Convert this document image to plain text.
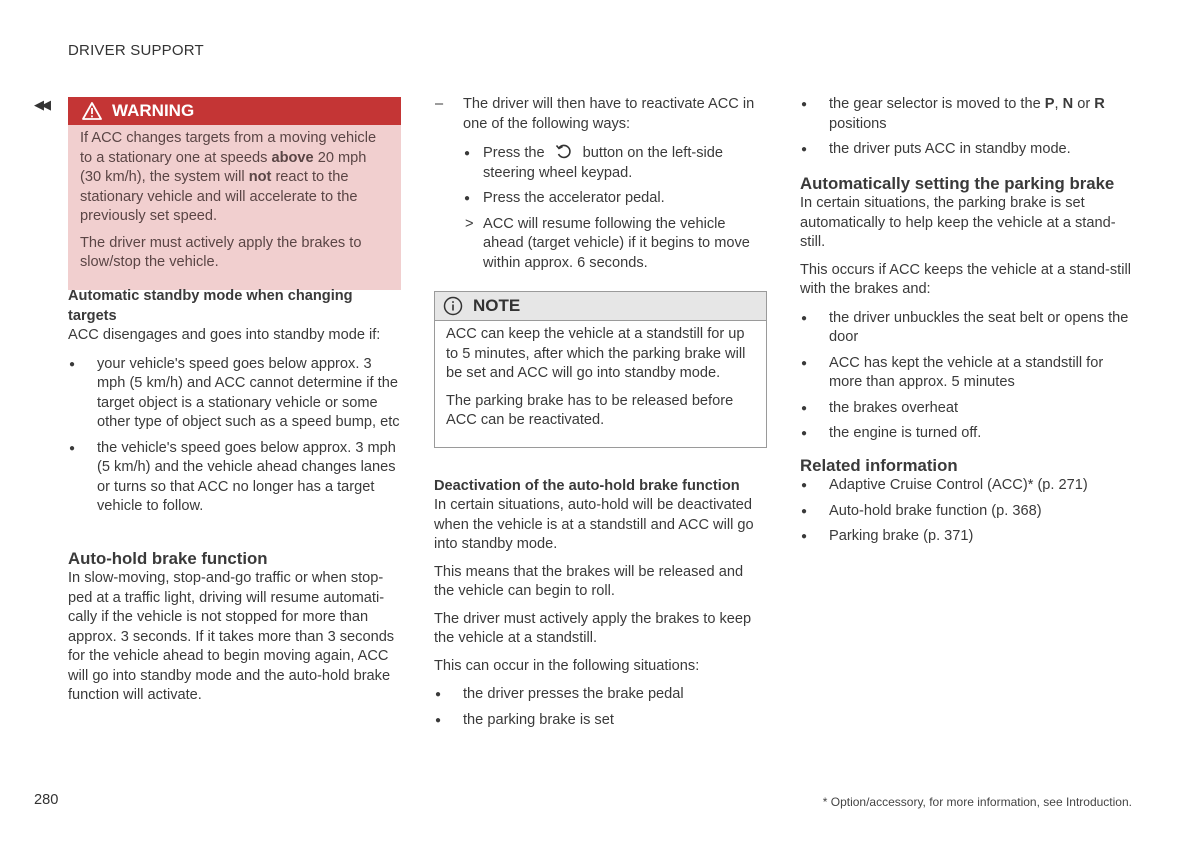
DRIVER SUPPORT
◀◀	WARNING

If ACC changes targets from a moving vehicle to a stationary one at speeds above 20 mph (30 km/h), the system will not react to the stationary vehicle and will accelerate to the previously set speed.

The driver must actively apply the brakes to slow/stop the vehicle.

Automatic standby mode when changing targets

ACC disengages and goes into standby mode if:

● your vehicle's speed goes below approx. 3 mph (5 km/h) and ACC cannot determine if the target object is a stationary vehicle or some other type of object such as a speed bump, etc
● the vehicle's speed goes below approx. 3 mph (5 km/h) and the vehicle ahead changes lanes or turns so that ACC no longer has a target vehicle to follow.
Auto-hold brake function

In slow-moving, stop-and-go traffic or when stop-ped at a traffic light, driving will resume automati-cally if the vehicle is not stopped for more than approx. 3 seconds. If it takes more than 3 seconds for the vehicle ahead to begin moving again, ACC will go into standby mode and the auto-hold brake function will activate.

– The driver will then have to reactivate ACC in one of the following ways:
● Press the	button on the left-side steering wheel keypad.
● Press the accelerator pedal.
> ACC will resume following the vehicle ahead (target vehicle) if it begins to move within approx. 6 seconds.
NOTE

ACC can keep the vehicle at a standstill for up to 5 minutes, after which the parking brake will be set and ACC will go into standby mode.

The parking brake has to be released before ACC can be reactivated.

Deactivation of the auto-hold brake function

In certain situations, auto-hold will be deactivated when the vehicle is at a standstill and ACC will go into standby mode.

This means that the brakes will be released and the vehicle can begin to roll.

The driver must actively apply the brakes to keep the vehicle at a standstill.

This can occur in the following situations:

● the driver presses the brake pedal
● the parking brake is set
● the gear selector is moved to the P, N or R positions
● the driver puts ACC in standby mode.
Automatically setting the parking brake

In certain situations, the parking brake is set automatically to help keep the vehicle at a stand-still.

This occurs if ACC keeps the vehicle at a stand-still with the brakes and:

● the driver unbuckles the seat belt or opens the door
● ACC has kept the vehicle at a standstill for more than approx. 5 minutes
● the brakes overheat
● the engine is turned off.
Related information
● Adaptive Cruise Control (ACC)* (p. 271)
● Auto-hold brake function (p. 368)
● Parking brake (p. 371)
280	* Option/accessory, for more information, see Introduction.
